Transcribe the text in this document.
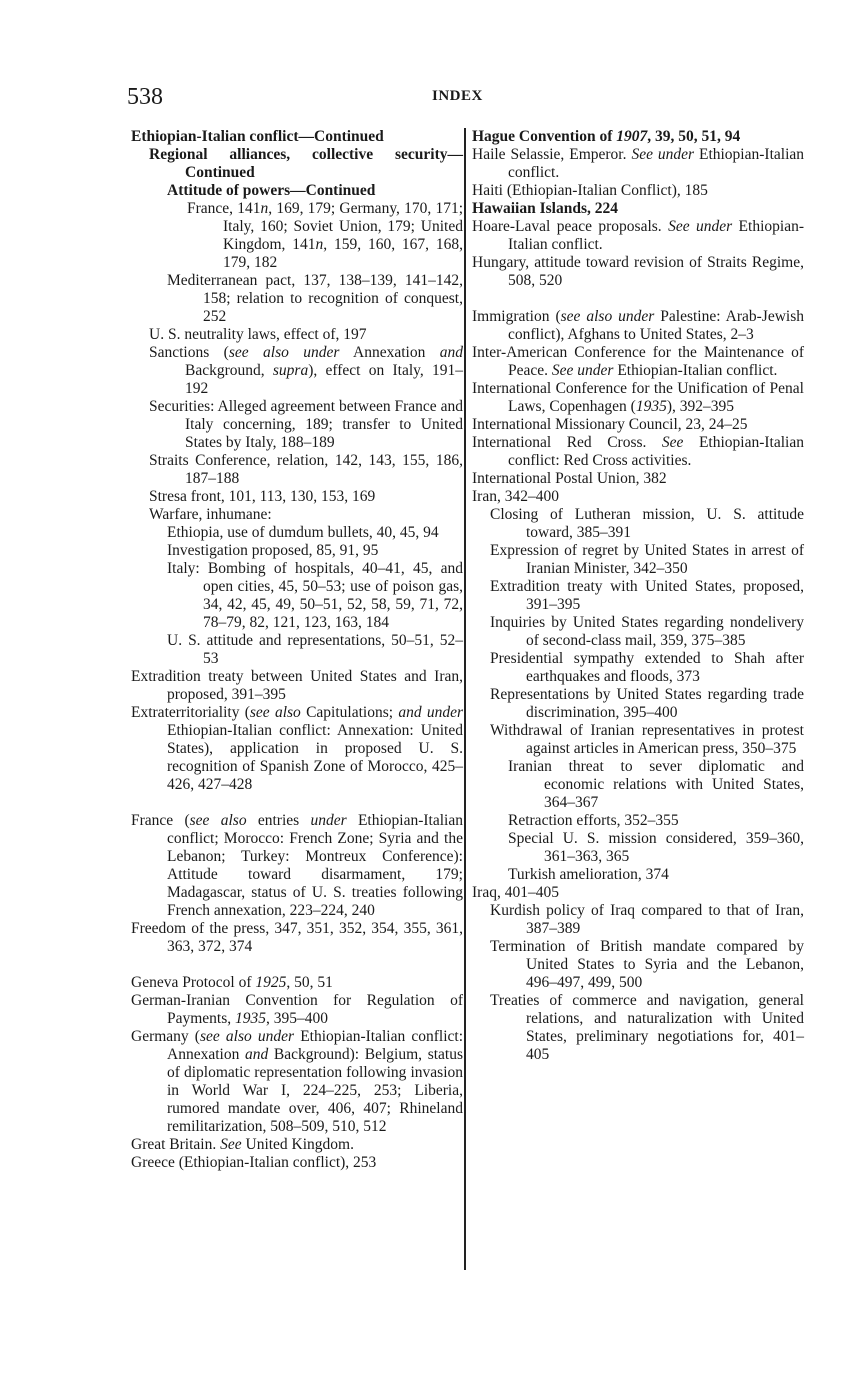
538	INDEX

Ethiopian-Italian conflict—Continued

Regional alliances, collective security—Continued

Attitude of powers—Continued

France, 141n, 169, 179; Germany, 170, 171; Italy, 160; Soviet Union, 179; United Kingdom, 141n, 159, 160, 167, 168, 179, 182

Mediterranean pact, 137, 138–139, 141–142, 158; relation to recognition of conquest, 252

U. S. neutrality laws, effect of, 197

Sanctions (see also under Annexation and Background, supra), effect on Italy, 191–192

Securities: Alleged agreement between France and Italy concerning, 189; transfer to United States by Italy, 188–189

Straits Conference, relation, 142, 143, 155, 186, 187–188

Stresa front, 101, 113, 130, 153, 169

Warfare, inhumane:

Ethiopia, use of dumdum bullets, 40, 45, 94

Investigation proposed, 85, 91, 95

Italy: Bombing of hospitals, 40–41, 45, and open cities, 45, 50–53; use of poison gas, 34, 42, 45, 49, 50–51, 52, 58, 59, 71, 72, 78–79, 82, 121, 123, 163, 184

U. S. attitude and representations, 50–51, 52–53

Extradition treaty between United States and Iran, proposed, 391–395

Extraterritoriality (see also Capitulations; and under Ethiopian-Italian conflict: Annexation: United States), application in proposed U. S. recognition of Spanish Zone of Morocco, 425–426, 427–428

France (see also entries under Ethiopian-Italian conflict; Morocco: French Zone; Syria and the Lebanon; Turkey: Montreux Conference): Attitude toward disarmament, 179; Madagascar, status of U. S. treaties following French annexation, 223–224, 240

Freedom of the press, 347, 351, 352, 354, 355, 361, 363, 372, 374

Geneva Protocol of 1925, 50, 51

German-Iranian Convention for Regulation of Payments, 1935, 395–400

Germany (see also under Ethiopian-Italian conflict: Annexation and Background): Belgium, status of diplomatic representation following invasion in World War I, 224–225, 253; Liberia, rumored mandate over, 406, 407; Rhineland remilitarization, 508–509, 510, 512

Great Britain. See United Kingdom.

Greece (Ethiopian-Italian conflict), 253

Hague Convention of 1907, 39, 50, 51, 94

Haile Selassie, Emperor. See under Ethiopian-Italian conflict.

Haiti (Ethiopian-Italian Conflict), 185

Hawaiian Islands, 224

Hoare-Laval peace proposals. See under Ethiopian-Italian conflict.

Hungary, attitude toward revision of Straits Regime, 508, 520

Immigration (see also under Palestine: Arab-Jewish conflict), Afghans to United States, 2–3

Inter-American Conference for the Maintenance of Peace. See under Ethiopian-Italian conflict.

International Conference for the Unification of Penal Laws, Copenhagen (1935), 392–395

International Missionary Council, 23, 24–25

International Red Cross. See Ethiopian-Italian conflict: Red Cross activities.

International Postal Union, 382

Iran, 342–400

Closing of Lutheran mission, U. S. attitude toward, 385–391

Expression of regret by United States in arrest of Iranian Minister, 342–350

Extradition treaty with United States, proposed, 391–395

Inquiries by United States regarding nondelivery of second-class mail, 359, 375–385

Presidential sympathy extended to Shah after earthquakes and floods, 373

Representations by United States regarding trade discrimination, 395–400

Withdrawal of Iranian representatives in protest against articles in American press, 350–375

Iranian threat to sever diplomatic and economic relations with United States, 364–367

Retraction efforts, 352–355

Special U. S. mission considered, 359–360, 361–363, 365

Turkish amelioration, 374

Iraq, 401–405

Kurdish policy of Iraq compared to that of Iran, 387–389

Termination of British mandate compared by United States to Syria and the Lebanon, 496–497, 499, 500

Treaties of commerce and navigation, general relations, and naturalization with United States, preliminary negotiations for, 401–405
